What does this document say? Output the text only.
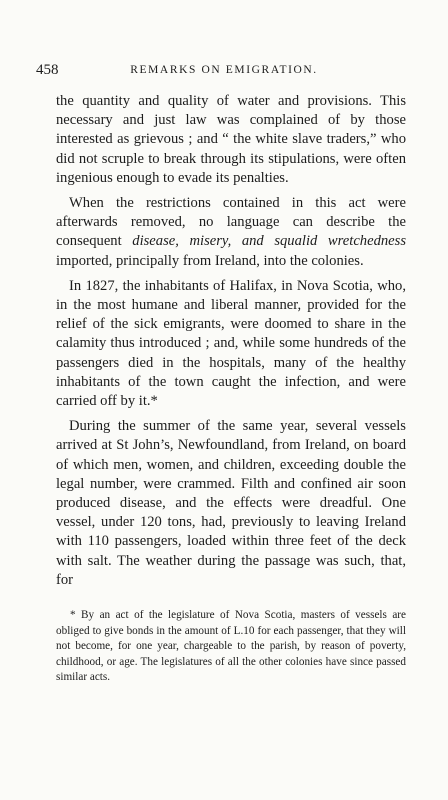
458	REMARKS ON EMIGRATION.

the quantity and quality of water and provisions. This necessary and just law was complained of by those interested as grievous ; and “ the white slave traders,” who did not scruple to break through its stipulations, were often ingenious enough to evade its penalties.

When the restrictions contained in this act were afterwards removed, no language can describe the consequent disease, misery, and squalid wretchedness imported, principally from Ireland, into the colonies.

In 1827, the inhabitants of Halifax, in Nova Scotia, who, in the most humane and liberal manner, provided for the relief of the sick emigrants, were doomed to share in the calamity thus introduced ; and, while some hundreds of the passengers died in the hospitals, many of the healthy inhabitants of the town caught the infection, and were carried off by it.*

During the summer of the same year, several vessels arrived at St John’s, Newfoundland, from Ireland, on board of which men, women, and children, exceeding double the legal number, were crammed. Filth and confined air soon produced disease, and the effects were dreadful. One vessel, under 120 tons, had, previously to leaving Ireland with 110 passengers, loaded within three feet of the deck with salt. The weather during the passage was such, that, for

* By an act of the legislature of Nova Scotia, masters of vessels are obliged to give bonds in the amount of L.10 for each passenger, that they will not become, for one year, chargeable to the parish, by reason of poverty, childhood, or age. The legislatures of all the other colonies have since passed similar acts.
